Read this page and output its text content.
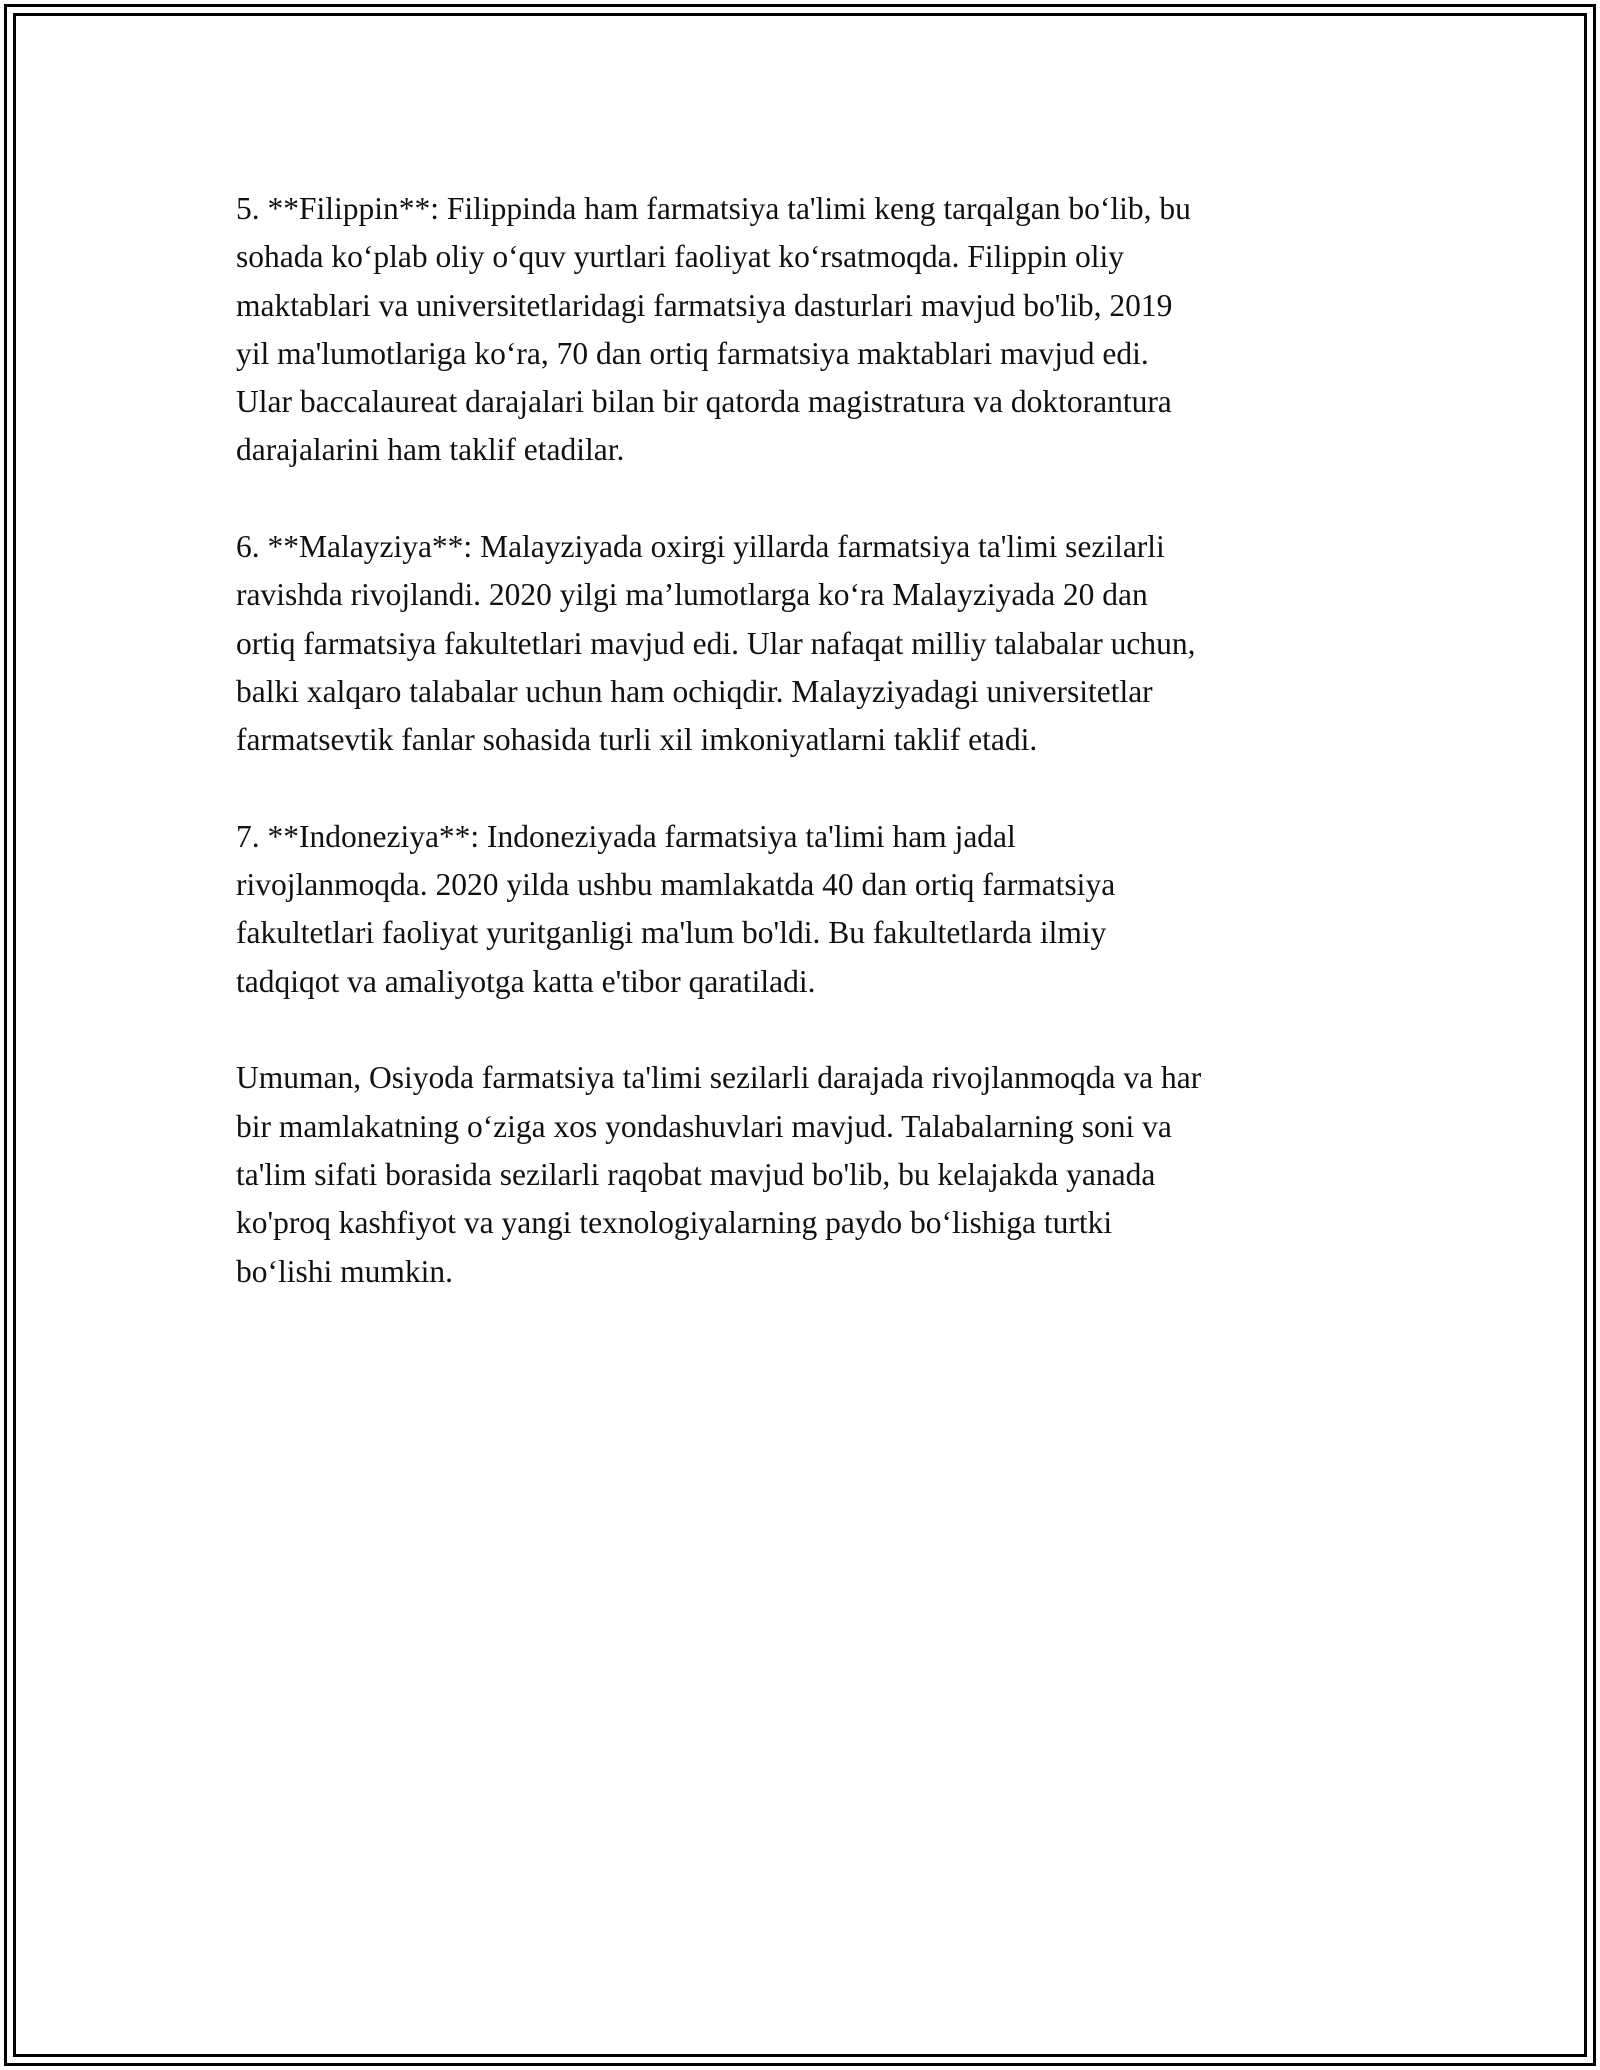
5. **Filippin**: Filippinda ham farmatsiya ta'limi keng tarqalgan boʻlib, bu
sohada koʻplab oliy oʻquv yurtlari faoliyat koʻrsatmoqda. Filippin oliy
maktablari va universitetlaridagi farmatsiya dasturlari mavjud bo'lib, 2019
yil ma'lumotlariga koʻra, 70 dan ortiq farmatsiya maktablari mavjud edi.
Ular baccalaureat darajalari bilan bir qatorda magistratura va doktorantura
darajalarini ham taklif etadilar.

6. **Malayziya**: Malayziyada oxirgi yillarda farmatsiya ta'limi sezilarli
ravishda rivojlandi. 2020 yilgi maʼlumotlarga koʻra Malayziyada 20 dan
ortiq farmatsiya fakultetlari mavjud edi. Ular nafaqat milliy talabalar uchun,
balki xalqaro talabalar uchun ham ochiqdir. Malayziyadagi universitetlar
farmatsevtik fanlar sohasida turli xil imkoniyatlarni taklif etadi.

7. **Indoneziya**: Indoneziyada farmatsiya ta'limi ham jadal
rivojlanmoqda. 2020 yilda ushbu mamlakatda 40 dan ortiq farmatsiya
fakultetlari faoliyat yuritganligi ma'lum bo'ldi. Bu fakultetlarda ilmiy
tadqiqot va amaliyotga katta e'tibor qaratiladi.

Umuman, Osiyoda farmatsiya ta'limi sezilarli darajada rivojlanmoqda va har
bir mamlakatning oʻziga xos yondashuvlari mavjud. Talabalarning soni va
ta'lim sifati borasida sezilarli raqobat mavjud bo'lib, bu kelajakda yanada
ko'proq kashfiyot va yangi texnologiyalarning paydo boʻlishiga turtki
boʻlishi mumkin.
